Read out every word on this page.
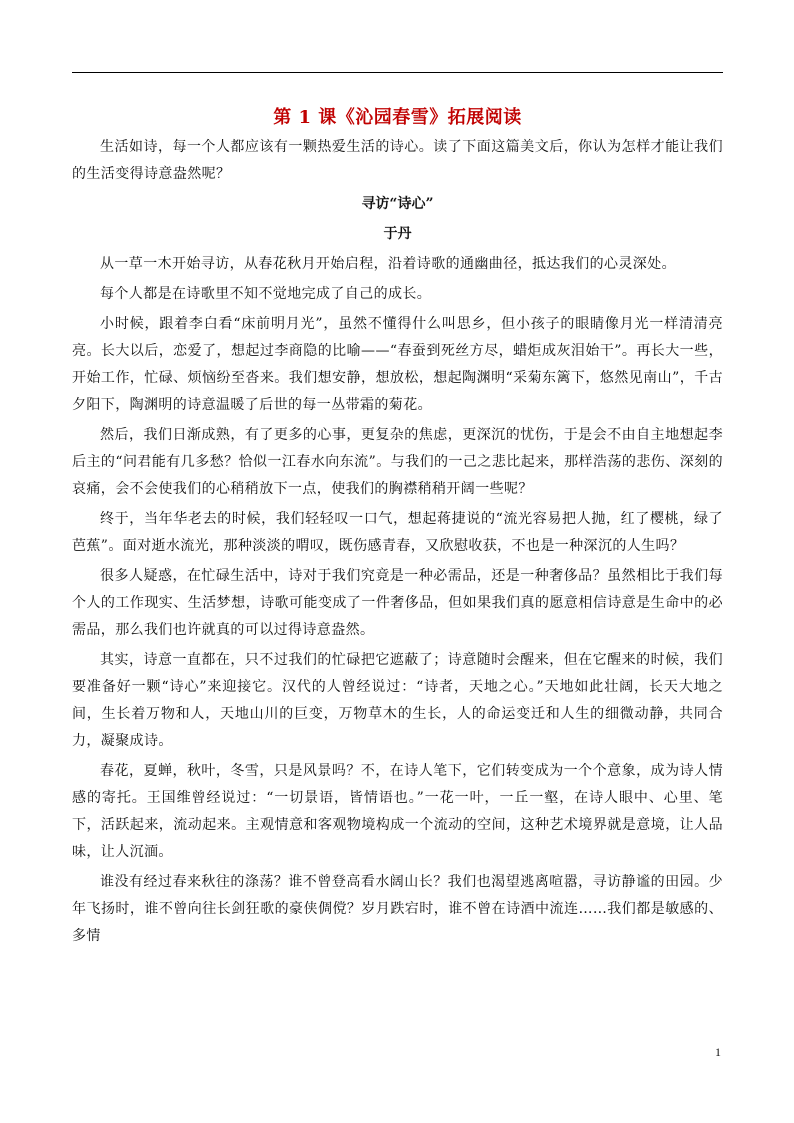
第 1 课《沁园春雪》拓展阅读

生活如诗，每一个人都应该有一颗热爱生活的诗心。读了下面这篇美文后，你认为怎样才能让我们的生活变得诗意盎然呢？

寻访“诗心”
于丹

从一草一木开始寻访，从春花秋月开始启程，沿着诗歌的通幽曲径，抵达我们的心灵深处。

每个人都是在诗歌里不知不觉地完成了自己的成长。

小时候，跟着李白看“床前明月光”，虽然不懂得什么叫思乡，但小孩子的眼睛像月光一样清清亮亮。长大以后，恋爱了，想起过李商隐的比喻——“春蚕到死丝方尽，蜡炬成灰泪始干”。再长大一些，开始工作，忙碌、烦恼纷至沓来。我们想安静，想放松，想起陶渊明“采菊东篱下，悠然见南山”，千古夕阳下，陶渊明的诗意温暖了后世的每一丛带霜的菊花。

然后，我们日渐成熟，有了更多的心事，更复杂的焦虑，更深沉的忧伤，于是会不由自主地想起李后主的“问君能有几多愁？恰似一江春水向东流”。与我们的一己之悲比起来，那样浩荡的悲伤、深刻的哀痛，会不会使我们的心稍稍放下一点，使我们的胸襟稍稍开阔一些呢？

终于，当年华老去的时候，我们轻轻叹一口气，想起蒋捷说的“流光容易把人抛，红了樱桃，绿了芭蕉”。面对逝水流光，那种淡淡的喟叹，既伤感青春，又欣慰收获，不也是一种深沉的人生吗？

很多人疑惑，在忙碌生活中，诗对于我们究竟是一种必需品，还是一种奢侈品？虽然相比于我们每个人的工作现实、生活梦想，诗歌可能变成了一件奢侈品，但如果我们真的愿意相信诗意是生命中的必需品，那么我们也许就真的可以过得诗意盎然。

其实，诗意一直都在，只不过我们的忙碌把它遮蔽了；诗意随时会醒来，但在它醒来的时候，我们要准备好一颗“诗心”来迎接它。汉代的人曾经说过：“诗者，天地之心。”天地如此壮阔，长天大地之间，生长着万物和人，天地山川的巨变，万物草木的生长，人的命运变迁和人生的细微动静，共同合力，凝聚成诗。

春花，夏蝉，秋叶，冬雪，只是风景吗？不，在诗人笔下，它们转变成为一个个意象，成为诗人情感的寄托。王国维曾经说过：“一切景语，皆情语也。”一花一叶，一丘一壑，在诗人眼中、心里、笔下，活跃起来，流动起来。主观情意和客观物境构成一个流动的空间，这种艺术境界就是意境，让人品味，让人沉湎。

谁没有经过春来秋往的涤荡？谁不曾登高看水阔山长？我们也渴望逃离喧嚣，寻访静谧的田园。少年飞扬时，谁不曾向往长剑狂歌的豪侠倜傥？岁月跌宕时，谁不曾在诗酒中流连……我们都是敏感的、多情

1
